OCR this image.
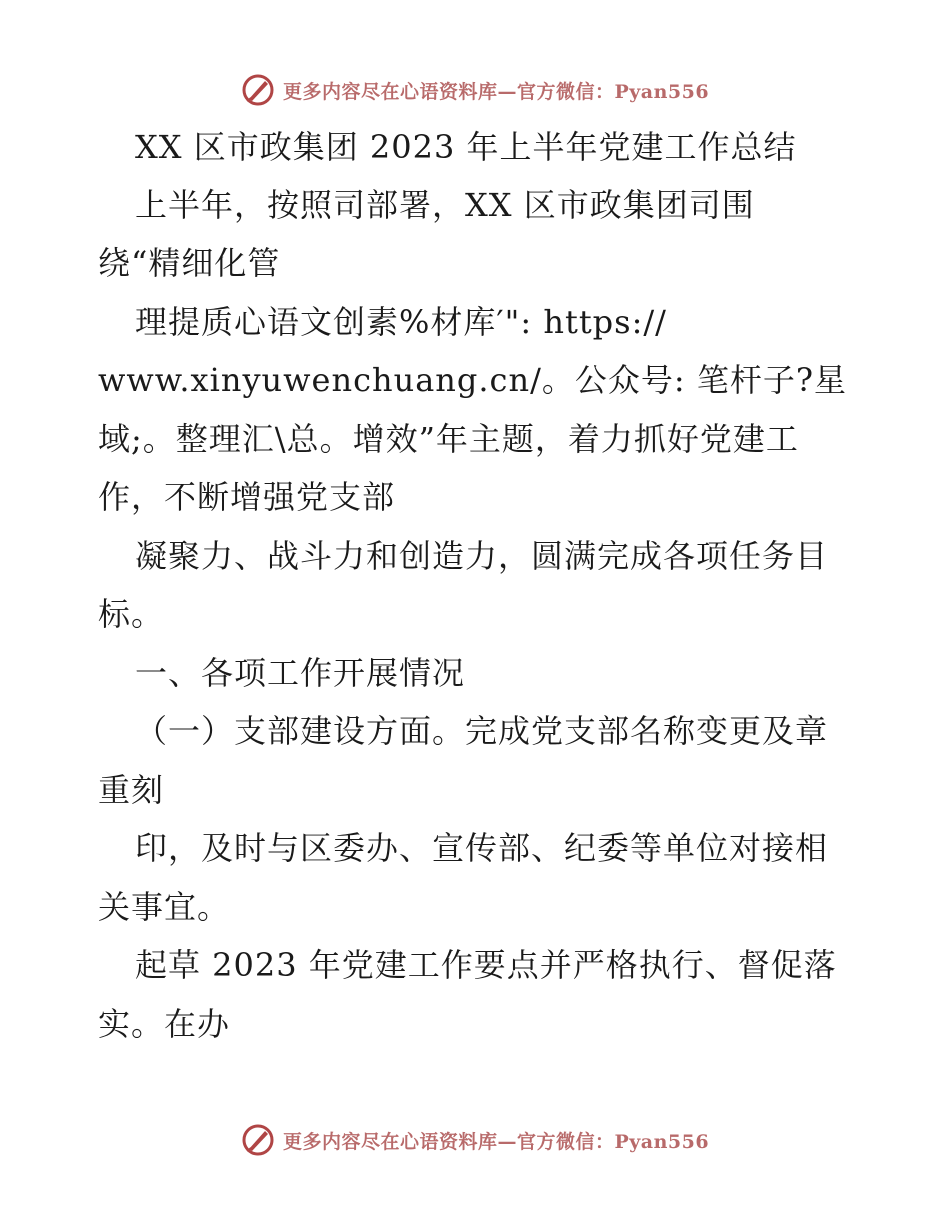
更多内容尽在心语资料库—官方微信：Pyan556
XX 区市政集团 2023 年上半年党建工作总结
上半年，按照司部署，XX 区市政集团司围
绕“精细化管
理提质心语文创素%材库′": https://
www.xinyuwenchuang.cn/。公众号: 笔杆子?星
域;。整理汇\总。增效”年主题，着力抓好党建工
作，不断增强党支部
凝聚力、战斗力和创造力，圆满完成各项任务目
标。
一、各项工作开展情况
（一）支部建设方面。完成党支部名称变更及章
重刻
印，及时与区委办、宣传部、纪委等单位对接相
关事宜。
起草 2023 年党建工作要点并严格执行、督促落
实。在办
更多内容尽在心语资料库—官方微信：Pyan556
